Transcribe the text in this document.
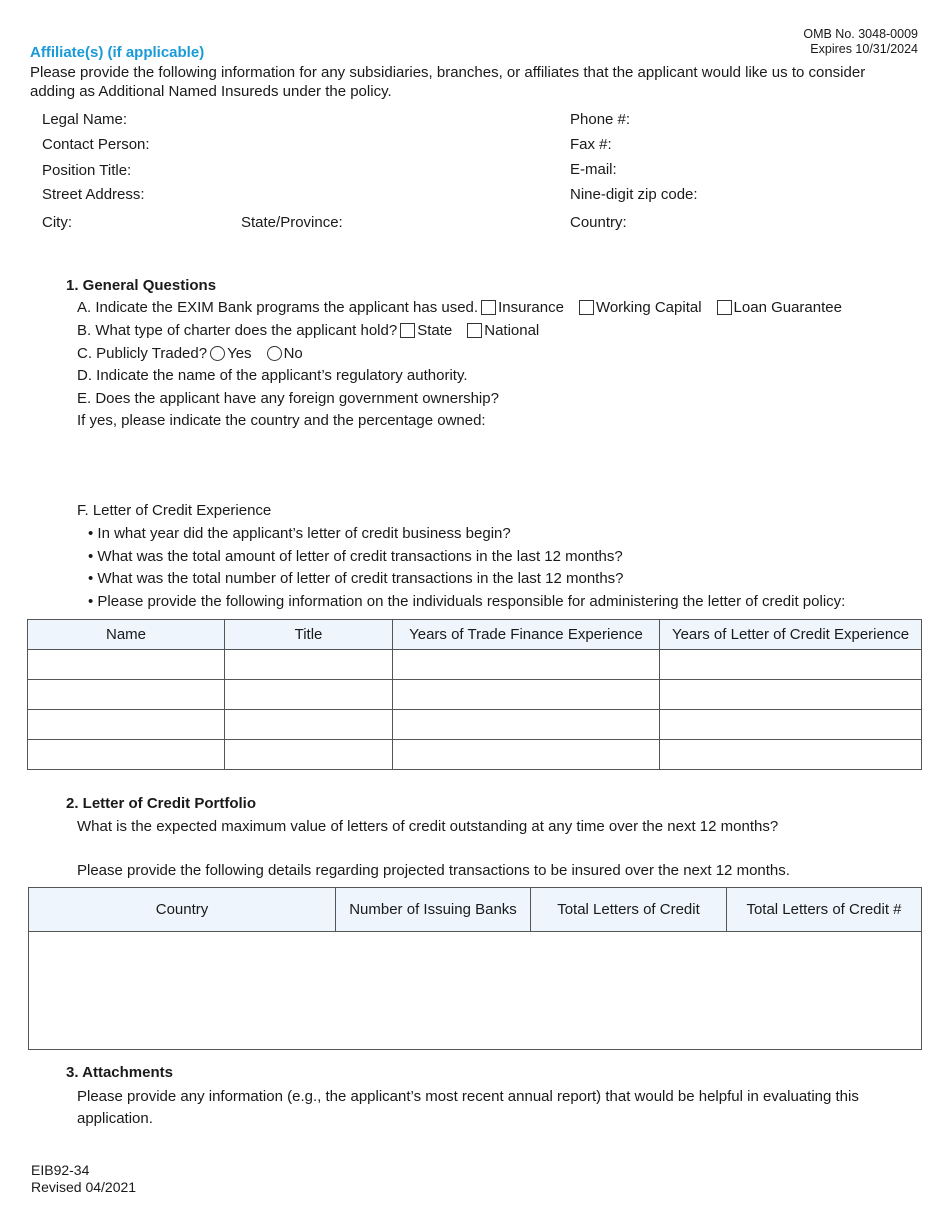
OMB No. 3048-0009
Expires 10/31/2024
Affiliate(s) (if applicable)
Please provide the following information for any subsidiaries, branches, or affiliates that the applicant would like us to consider adding as Additional Named Insureds under the policy.
Legal Name:
Contact Person:
Position Title:
Street Address:
City:	State/Province:
Phone #:
Fax #:
E-mail:
Nine-digit zip code:
Country:
1. General Questions
A. Indicate the EXIM Bank programs the applicant has used. Insurance Working Capital Loan Guarantee
B. What type of charter does the applicant hold? State National
C. Publicly Traded? Yes No
D. Indicate the name of the applicant’s regulatory authority.
E. Does the applicant have any foreign government ownership?
If yes, please indicate the country and the percentage owned:
F. Letter of Credit Experience
• In what year did the applicant’s letter of credit business begin?
• What was the total amount of letter of credit transactions in the last 12 months?
• What was the total number of letter of credit transactions in the last 12 months?
• Please provide the following information on the individuals responsible for administering the letter of credit policy:
Name	Title	Years of Trade Finance Experience	Years of Letter of Credit Experience

2. Letter of Credit Portfolio
What is the expected maximum value of letters of credit outstanding at any time over the next 12 months?
Please provide the following details regarding projected transactions to be insured over the next 12 months.
Country	Number of Issuing Banks	Total Letters of Credit	Total Letters of Credit #

3. Attachments
Please provide any information (e.g., the applicant’s most recent annual report) that would be helpful in evaluating this
application.
EIB92-34
Revised 04/2021
